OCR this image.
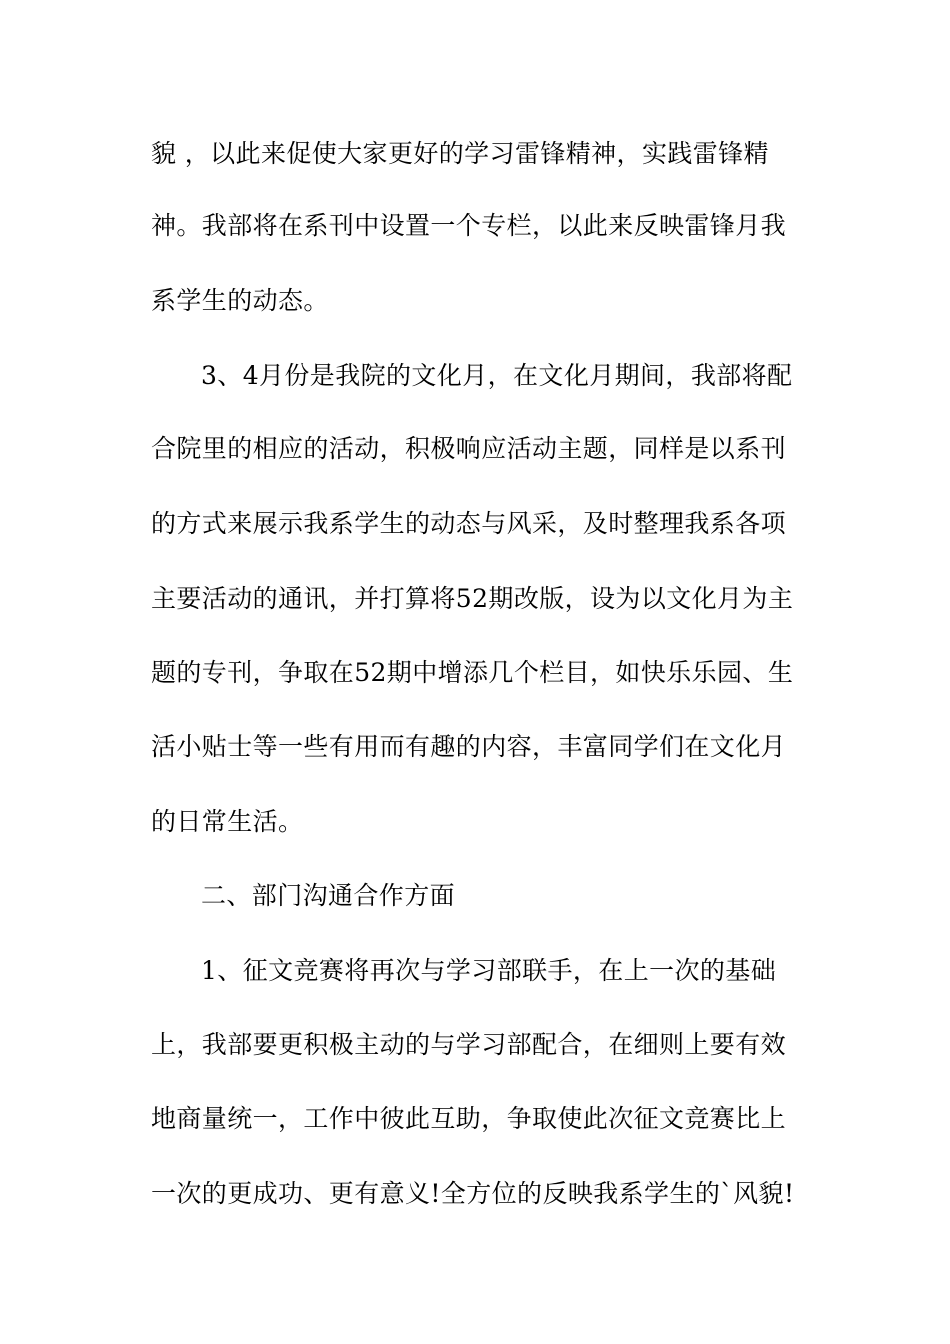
貌 ，以此来促使大家更好的学习雷锋精神，实践雷锋精
神。我部将在系刊中设置一个专栏，以此来反映雷锋月我
系学生的动态。
3、4月份是我院的文化月，在文化月期间，我部将配
合院里的相应的活动，积极响应活动主题，同样是以系刊
的方式来展示我系学生的动态与风采，及时整理我系各项
主要活动的通讯，并打算将52期改版，设为以文化月为主
题的专刊，争取在52期中增添几个栏目，如快乐乐园、生
活小贴士等一些有用而有趣的内容，丰富同学们在文化月
的日常生活。
二、部门沟通合作方面
1、征文竞赛将再次与学习部联手，在上一次的基础
上，我部要更积极主动的与学习部配合，在细则上要有效
地商量统一，工作中彼此互助，争取使此次征文竞赛比上
一次的更成功、更有意义!全方位的反映我系学生的`风貌!
